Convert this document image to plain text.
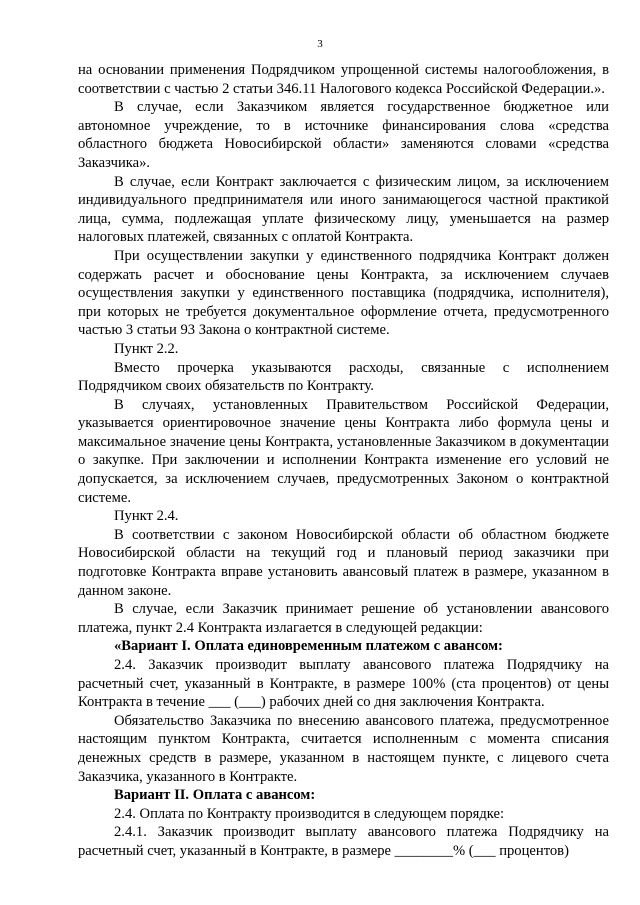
3

на основании применения Подрядчиком упрощенной системы налогообложения, в соответствии с частью 2 статьи 346.11 Налогового кодекса Российской Федерации.».

В случае, если Заказчиком является государственное бюджетное или автономное учреждение, то в источнике финансирования слова «средства областного бюджета Новосибирской области» заменяются словами «средства Заказчика».

В случае, если Контракт заключается с физическим лицом, за исключением индивидуального предпринимателя или иного занимающегося частной практикой лица, сумма, подлежащая уплате физическому лицу, уменьшается на размер налоговых платежей, связанных с оплатой Контракта.

При осуществлении закупки у единственного подрядчика Контракт должен содержать расчет и обоснование цены Контракта, за исключением случаев осуществления закупки у единственного поставщика (подрядчика, исполнителя), при которых не требуется документальное оформление отчета, предусмотренного частью 3 статьи 93 Закона о контрактной системе.

Пункт 2.2.

Вместо прочерка указываются расходы, связанные с исполнением Подрядчиком своих обязательств по Контракту.

В случаях, установленных Правительством Российской Федерации, указывается ориентировочное значение цены Контракта либо формула цены и максимальное значение цены Контракта, установленные Заказчиком в документации о закупке. При заключении и исполнении Контракта изменение его условий не допускается, за исключением случаев, предусмотренных Законом о контрактной системе.

Пункт 2.4.

В соответствии с законом Новосибирской области об областном бюджете Новосибирской области на текущий год и плановый период заказчики при подготовке Контракта вправе установить авансовый платеж в размере, указанном в данном законе.

В случае, если Заказчик принимает решение об установлении авансового платежа, пункт 2.4 Контракта излагается в следующей редакции:

«Вариант I. Оплата единовременным платежом с авансом:

2.4. Заказчик производит выплату авансового платежа Подрядчику на расчетный счет, указанный в Контракте, в размере 100% (ста процентов) от цены Контракта в течение ___ (___) рабочих дней со дня заключения Контракта.

Обязательство Заказчика по внесению авансового платежа, предусмотренное настоящим пунктом Контракта, считается исполненным с момента списания денежных средств в размере, указанном в настоящем пункте, с лицевого счета Заказчика, указанного в Контракте.

Вариант II. Оплата с авансом:

2.4. Оплата по Контракту производится в следующем порядке:

2.4.1. Заказчик производит выплату авансового платежа Подрядчику на расчетный счет, указанный в Контракте, в размере ________% (___ процентов)
